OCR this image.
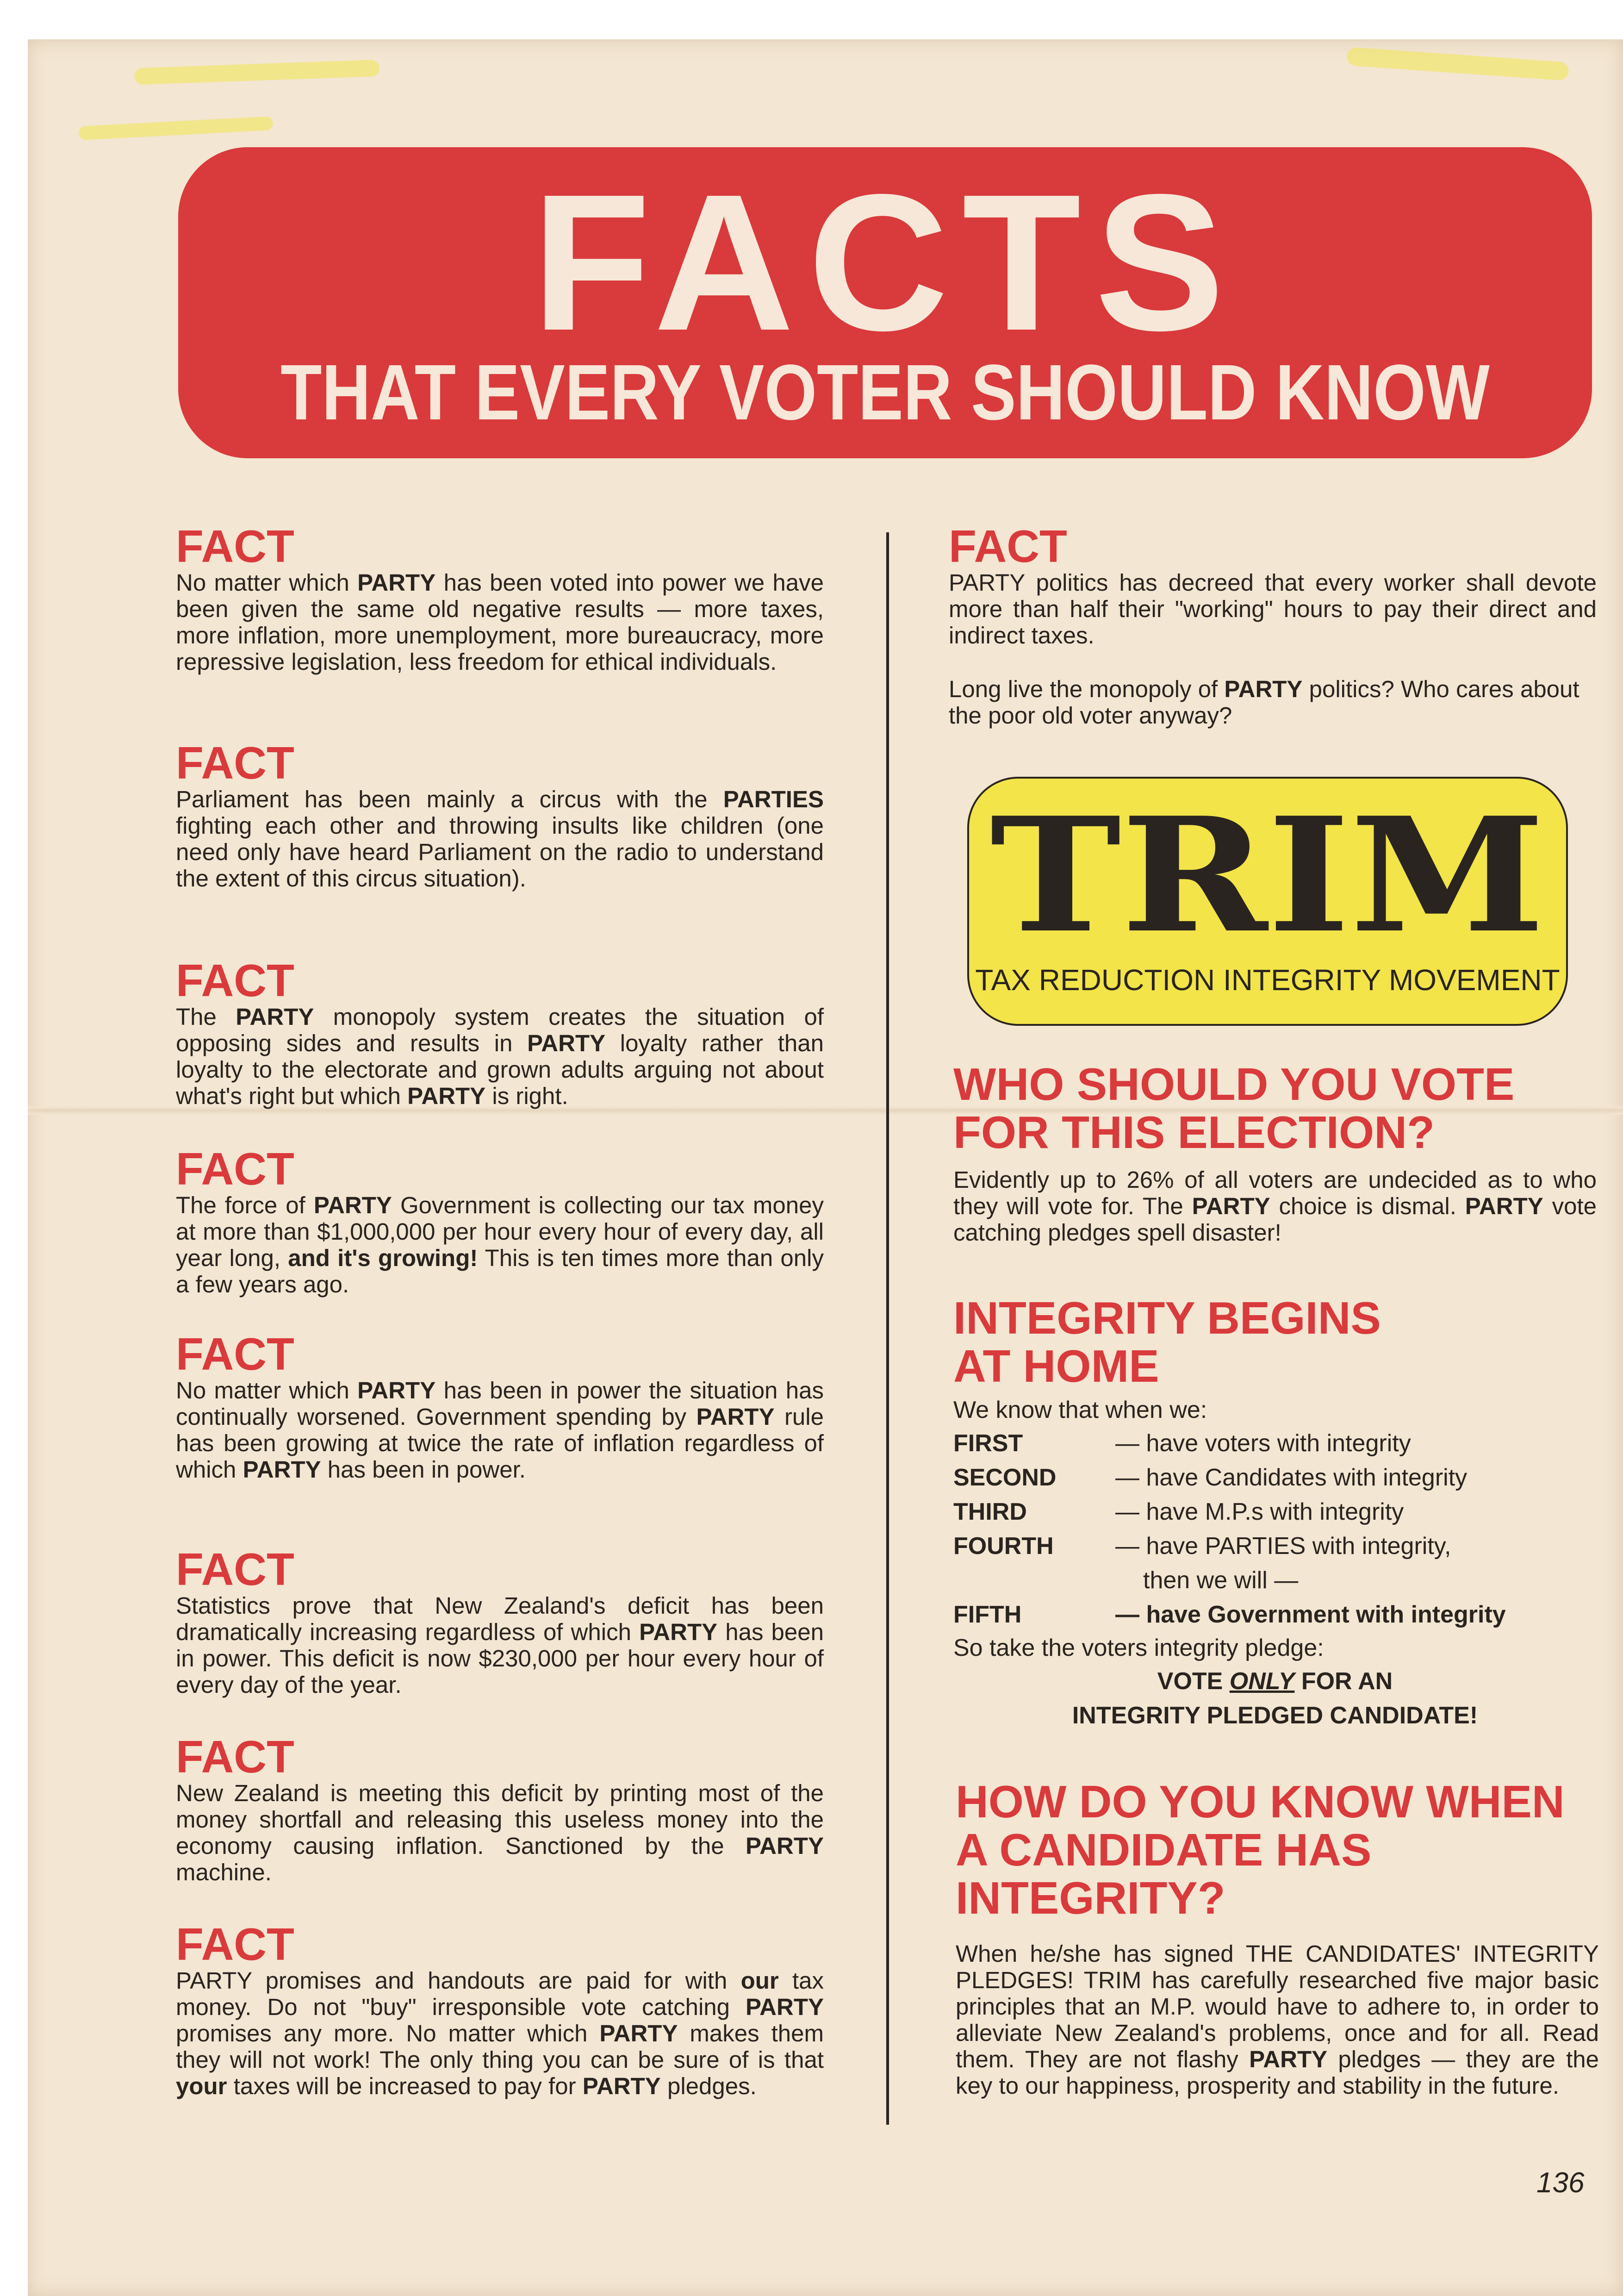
FACTS
THAT EVERY VOTER SHOULD KNOW
FACT

No matter which PARTY has been voted into power we have been given the same old negative results — more taxes, more inflation, more unemployment, more bureaucracy, more repressive legislation, less freedom for ethical individuals.

FACT

Parliament has been mainly a circus with the PARTIES fighting each other and throwing insults like children (one need only have heard Parliament on the radio to understand the extent of this circus situation).

FACT

The PARTY monopoly system creates the situation of opposing sides and results in PARTY loyalty rather than loyalty to the electorate and grown adults arguing not about what's right but which PARTY is right.

FACT

The force of PARTY Government is collecting our tax money at more than $1,000,000 per hour every hour of every day, all year long, and it's growing! This is ten times more than only a few years ago.

FACT

No matter which PARTY has been in power the situation has continually worsened. Government spending by PARTY rule has been growing at twice the rate of inflation regardless of which PARTY has been in power.

FACT

Statistics prove that New Zealand's deficit has been dramatically increasing regardless of which PARTY has been in power. This deficit is now $230,000 per hour every hour of every day of the year.

FACT

New Zealand is meeting this deficit by printing most of the money shortfall and releasing this useless money into the economy causing inflation. Sanctioned by the PARTY machine.

FACT

PARTY promises and handouts are paid for with our tax money. Do not "buy" irresponsible vote catching PARTY promises any more. No matter which PARTY makes them they will not work! The only thing you can be sure of is that your taxes will be increased to pay for PARTY pledges.

FACT

PARTY politics has decreed that every worker shall devote more than half their "working" hours to pay their direct and indirect taxes.

Long live the monopoly of PARTY politics? Who cares about the poor old voter anyway?

TRIM
TAX REDUCTION INTEGRITY MOVEMENT
WHO SHOULD YOU VOTE FOR THIS ELECTION?

Evidently up to 26% of all voters are undecided as to who they will vote for. The PARTY choice is dismal. PARTY vote catching pledges spell disaster!

INTEGRITY BEGINS AT HOME
We know that when we:
FIRST	— have voters with integrity
SECOND — have Candidates with integrity
THIRD	— have M.P.s with integrity
FOURTH	— have PARTIES with integrity,
then we will —
FIFTH	— have Government with integrity
So take the voters integrity pledge:
VOTE ONLY FOR AN
INTEGRITY PLEDGED CANDIDATE!
HOW DO YOU KNOW WHEN A CANDIDATE HAS INTEGRITY?

When he/she has signed THE CANDIDATES' INTEGRITY PLEDGES! TRIM has carefully researched five major basic principles that an M.P. would have to adhere to, in order to alleviate New Zealand's problems, once and for all. Read them. They are not flashy PARTY pledges — they are the key to our happiness, prosperity and stability in the future.

136
